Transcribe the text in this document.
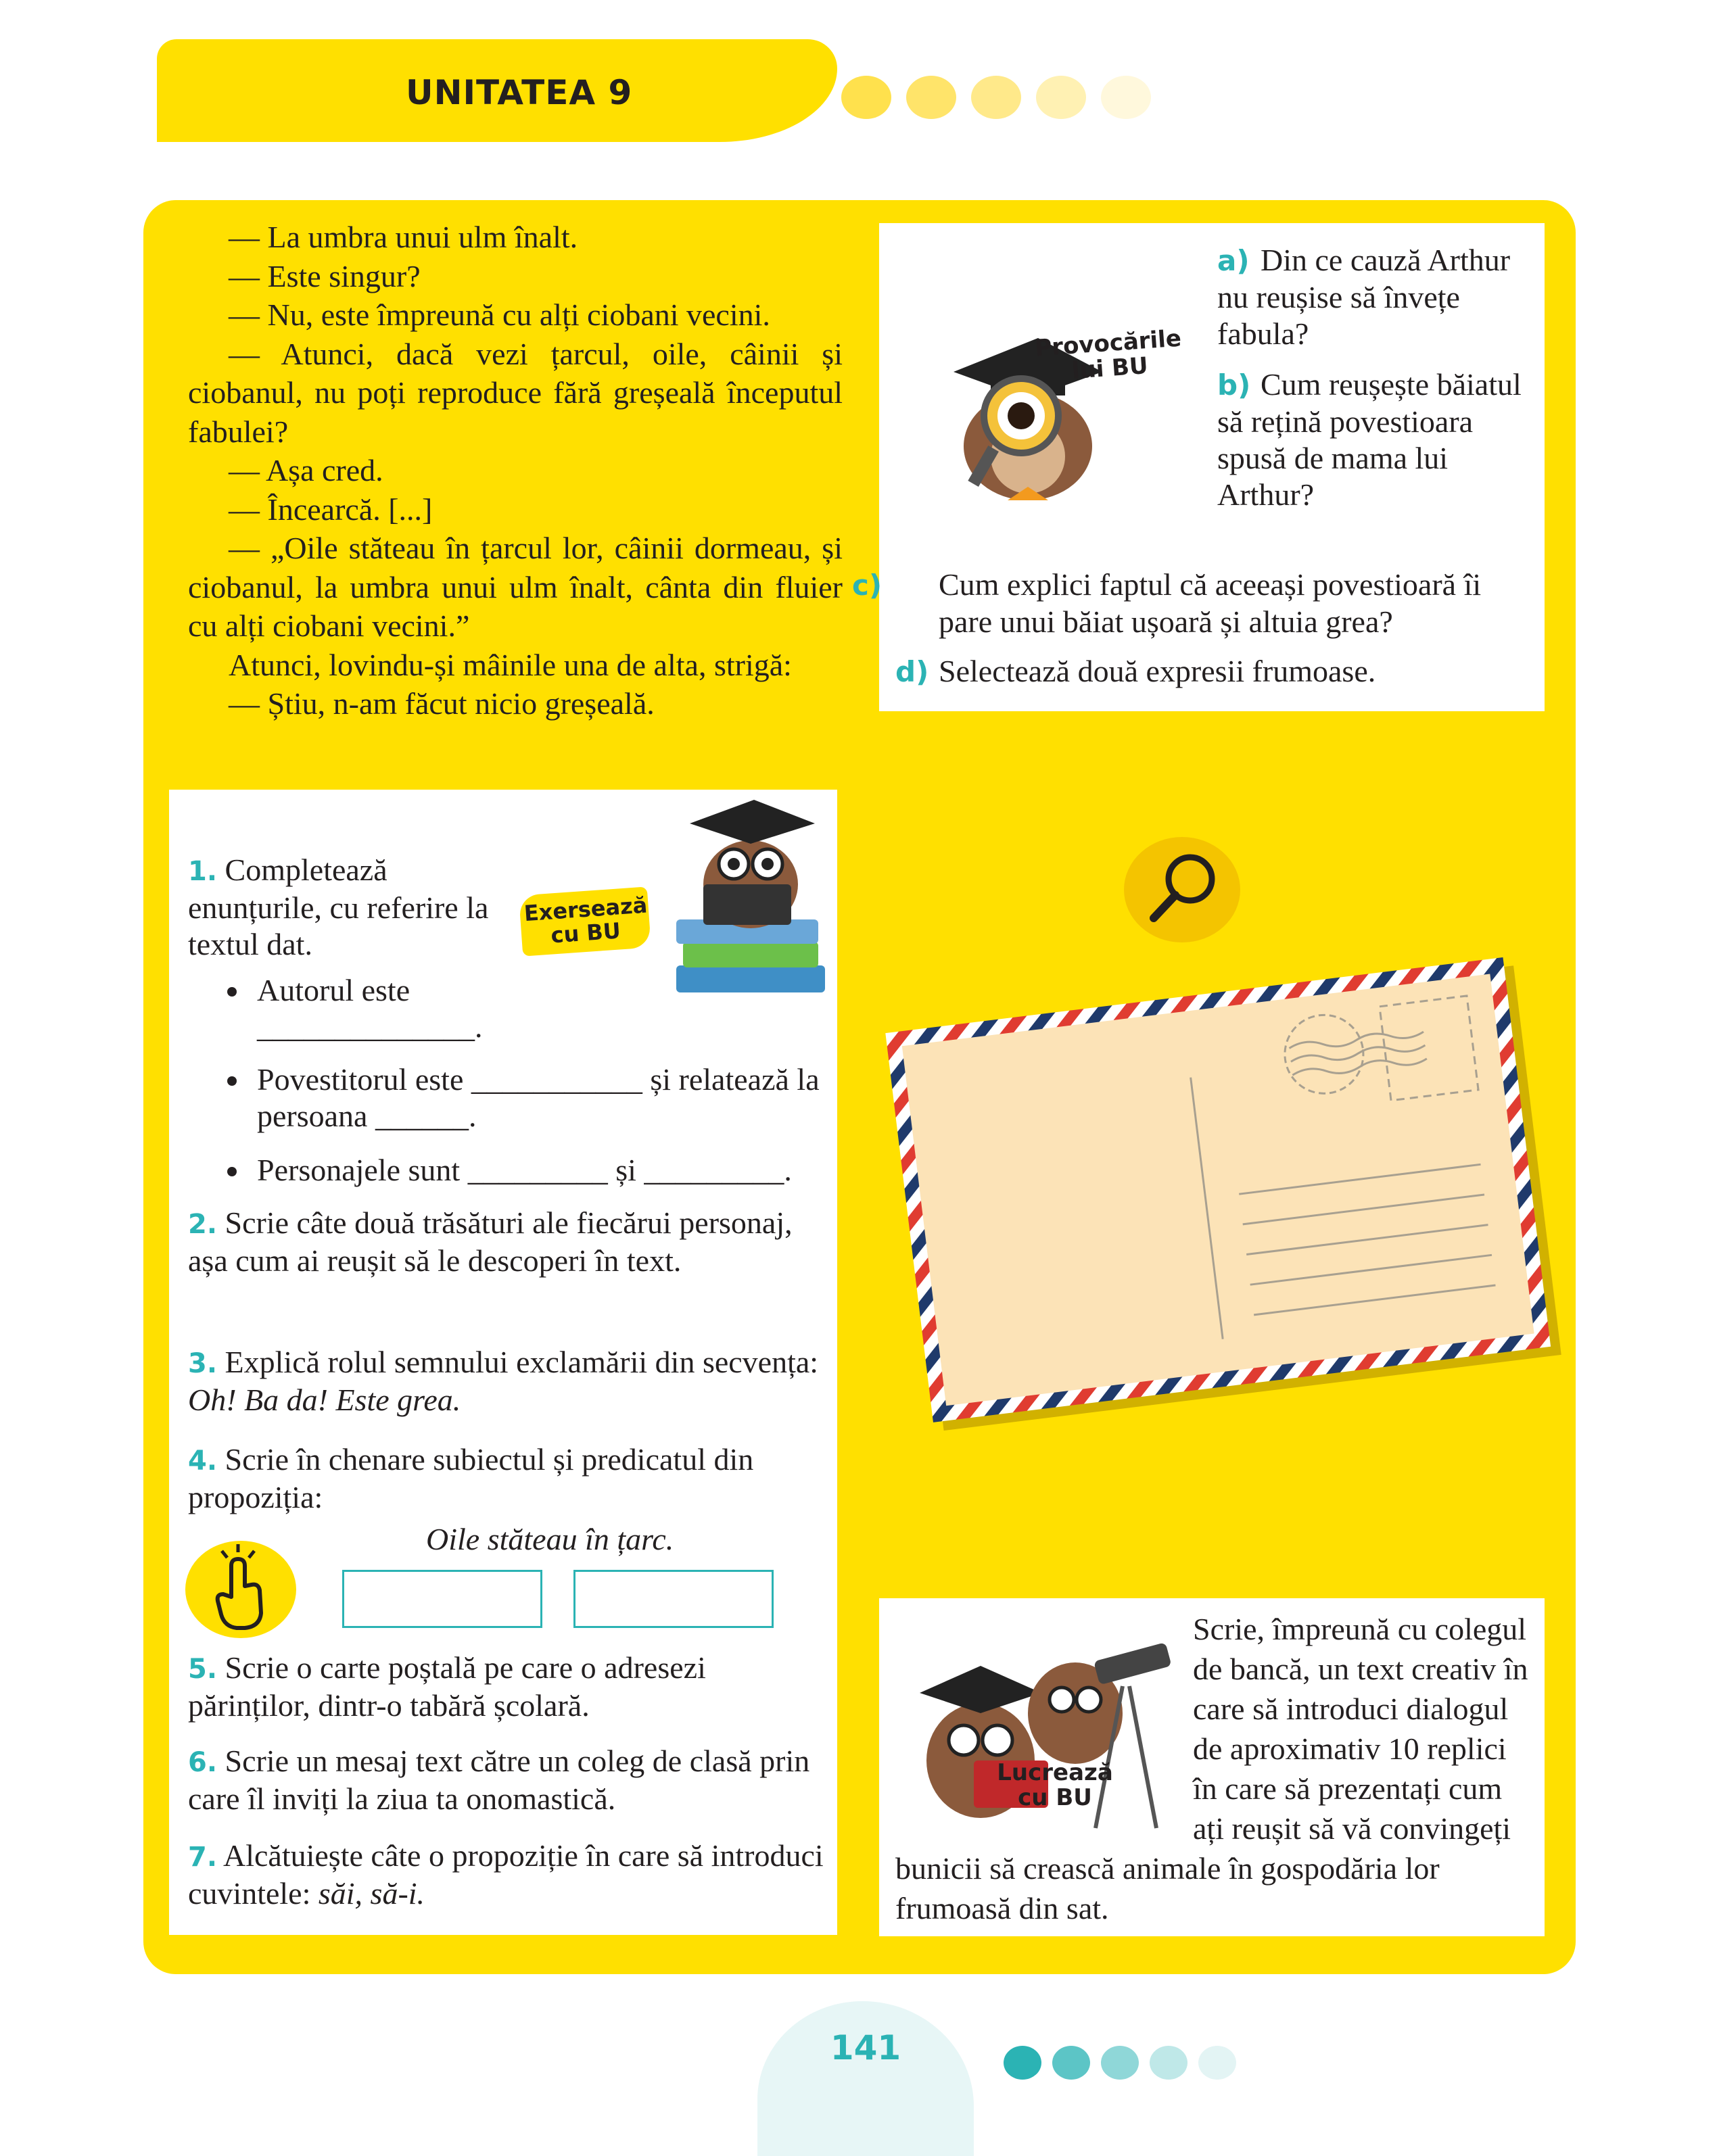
UNITATEA 9

— La umbra unui ulm înalt.

— Este singur?

— Nu, este împreună cu alți ciobani vecini.

— Atunci, dacă vezi țarcul, oile, câinii și ciobanul, nu poți reproduce fără greșeală începutul fabulei?

— Așa cred.

— Încearcă. [...]

— „Oile stăteau în țarcul lor, câinii dormeau, și ciobanul, la umbra unui ulm înalt, cânta din fluier cu alți ciobani vecini.”

Atunci, lovindu-și mâinile una de alta, strigă:

— Știu, n-am făcut nicio greșeală.

Provocările lui BU
a) Din ce cauză Arthur nu reușise să învețe fabula?
b) Cum reușește băiatul să rețină povestioara spusă de mama lui Arthur?
c) Cum explici faptul că aceeași povestioară îi pare unui băiat ușoară și altuia grea?
d) Selectează două expresii frumoase.
Exersează cu BU
1. Completează enunțurile, cu referire la textul dat.
Autorul este ______________.
Povestitorul este ___________ și relatează la persoana ______.
Personajele sunt _________ și _________.
2. Scrie câte două trăsături ale fiecărui personaj, așa cum ai reușit să le descoperi în text.
3. Explică rolul semnului exclamării din secvența: Oh! Ba da! Este grea.
4. Scrie în chenare subiectul și predicatul din propoziția:
Oile stăteau în țarc.
5. Scrie o carte poștală pe care o adresezi părinților, dintr-o tabără școlară.
6. Scrie un mesaj text către un coleg de clasă prin care îl inviți la ziua ta onomastică.
7. Alcătuiește câte o propoziție în care să introduci cuvintele: săi, să-i.
Lucrează cu BU
Scrie, împreună cu colegul de bancă, un text creativ în care să introduci dialogul de aproximativ 10 replici în care să prezentați cum ați reușit să vă convingeți bunicii să crească animale în gospodăria lor frumoasă din sat.
141
